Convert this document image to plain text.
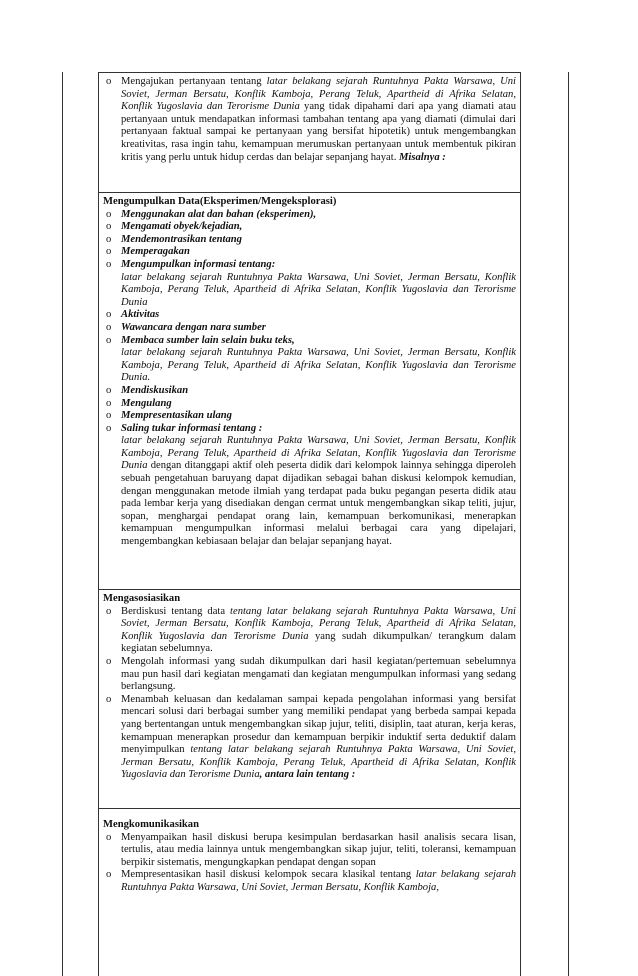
o Mengajukan pertanyaan tentang latar belakang sejarah Runtuhnya Pakta Warsawa, Uni Soviet, Jerman Bersatu, Konflik Kamboja, Perang Teluk, Apartheid di Afrika Selatan, Konflik Yugoslavia dan Terorisme Dunia yang tidak dipahami dari apa yang diamati atau pertanyaan untuk mendapatkan informasi tambahan tentang apa yang diamati (dimulai dari pertanyaan faktual sampai ke pertanyaan yang bersifat hipotetik) untuk mengembangkan kreativitas, rasa ingin tahu, kemampuan merumuskan pertanyaan untuk membentuk pikiran kritis yang perlu untuk hidup cerdas dan belajar sepanjang hayat. Misalnya :
Mengumpulkan Data(Eksperimen/Mengeksplorasi)
o Menggunakan alat dan bahan (eksperimen),
o Mengamati obyek/kejadian,
o Mendemontrasikan tentang
o Memperagakan
o Mengumpulkan informasi tentang:
latar belakang sejarah Runtuhnya Pakta Warsawa, Uni Soviet, Jerman Bersatu, Konflik Kamboja, Perang Teluk, Apartheid di Afrika Selatan, Konflik Yugoslavia dan Terorisme Dunia
o Aktivitas
o Wawancara dengan nara sumber
o Membaca sumber lain selain buku teks,
latar belakang sejarah Runtuhnya Pakta Warsawa, Uni Soviet, Jerman Bersatu, Konflik Kamboja, Perang Teluk, Apartheid di Afrika Selatan, Konflik Yugoslavia dan Terorisme Dunia.
o Mendiskusikan
o Mengulang
o Mempresentasikan ulang
o Saling tukar informasi tentang :
latar belakang sejarah Runtuhnya Pakta Warsawa, Uni Soviet, Jerman Bersatu, Konflik Kamboja, Perang Teluk, Apartheid di Afrika Selatan, Konflik Yugoslavia dan Terorisme Dunia dengan ditanggapi aktif oleh peserta didik dari kelompok lainnya sehingga diperoleh sebuah pengetahuan baruyang dapat dijadikan sebagai bahan diskusi kelompok kemudian, dengan menggunakan metode ilmiah yang terdapat pada buku pegangan peserta didik atau pada lembar kerja yang disediakan dengan cermat untuk mengembangkan sikap teliti, jujur, sopan, menghargai pendapat orang lain, kemampuan berkomunikasi, menerapkan kemampuan mengumpulkan informasi melalui berbagai cara yang dipelajari, mengembangkan kebiasaan belajar dan belajar sepanjang hayat.
Mengasosiasikan
o Berdiskusi tentang data tentang latar belakang sejarah Runtuhnya Pakta Warsawa, Uni Soviet, Jerman Bersatu, Konflik Kamboja, Perang Teluk, Apartheid di Afrika Selatan, Konflik Yugoslavia dan Terorisme Dunia yang sudah dikumpulkan/ terangkum dalam kegiatan sebelumnya.
o Mengolah informasi yang sudah dikumpulkan dari hasil kegiatan/pertemuan sebelumnya mau pun hasil dari kegiatan mengamati dan kegiatan mengumpulkan informasi yang sedang berlangsung.
o Menambah keluasan dan kedalaman sampai kepada pengolahan informasi yang bersifat mencari solusi dari berbagai sumber yang memiliki pendapat yang berbeda sampai kepada yang bertentangan untuk mengembangkan sikap jujur, teliti, disiplin, taat aturan, kerja keras, kemampuan menerapkan prosedur dan kemampuan berpikir induktif serta deduktif dalam menyimpulkan tentang latar belakang sejarah Runtuhnya Pakta Warsawa, Uni Soviet, Jerman Bersatu, Konflik Kamboja, Perang Teluk, Apartheid di Afrika Selatan, Konflik Yugoslavia dan Terorisme Dunia, antara lain tentang :
Mengkomunikasikan
o Menyampaikan hasil diskusi berupa kesimpulan berdasarkan hasil analisis secara lisan, tertulis, atau media lainnya untuk mengembangkan sikap jujur, teliti, toleransi, kemampuan berpikir sistematis, mengungkapkan pendapat dengan sopan
o Mempresentasikan hasil diskusi kelompok secara klasikal tentang latar belakang sejarah Runtuhnya Pakta Warsawa, Uni Soviet, Jerman Bersatu, Konflik Kamboja,
